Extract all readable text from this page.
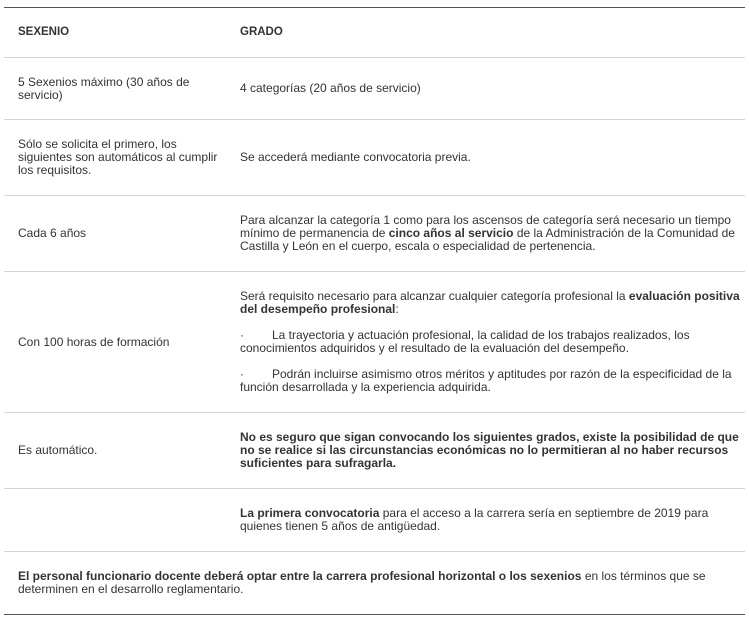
SEXENIO	GRADO
5 Sexenios máximo (30 años de servicio)	4 categorías (20 años de servicio)
Sólo se solicita el primero, los siguientes son automáticos al cumplir los requisitos.	Se accederá mediante convocatoria previa.
Cada 6 años	Para alcanzar la categoría 1 como para los ascensos de categoría será necesario un tiempo mínimo de permanencia de cinco años al servicio de la Administración de la Comunidad de Castilla y León en el cuerpo, escala o especialidad de pertenencia.
Con 100 horas de formación	Será requisito necesario para alcanzar cualquier categoría profesional la evaluación positiva del desempeño profesional:

· La trayectoria y actuación profesional, la calidad de los trabajos realizados, los conocimientos adquiridos y el resultado de la evaluación del desempeño.

· Podrán incluirse asimismo otros méritos y aptitudes por razón de la especificidad de la función desarrollada y la experiencia adquirida.

Es automático.	No es seguro que sigan convocando los siguientes grados, existe la posibilidad de que no se realice si las circunstancias económicas no lo permitieran al no haber recursos suficientes para sufragarla.
	La primera convocatoria para el acceso a la carrera sería en septiembre de 2019 para quienes tienen 5 años de antigüedad.
El personal funcionario docente deberá optar entre la carrera profesional horizontal o los sexenios en los términos que se determinen en el desarrollo reglamentario.	
